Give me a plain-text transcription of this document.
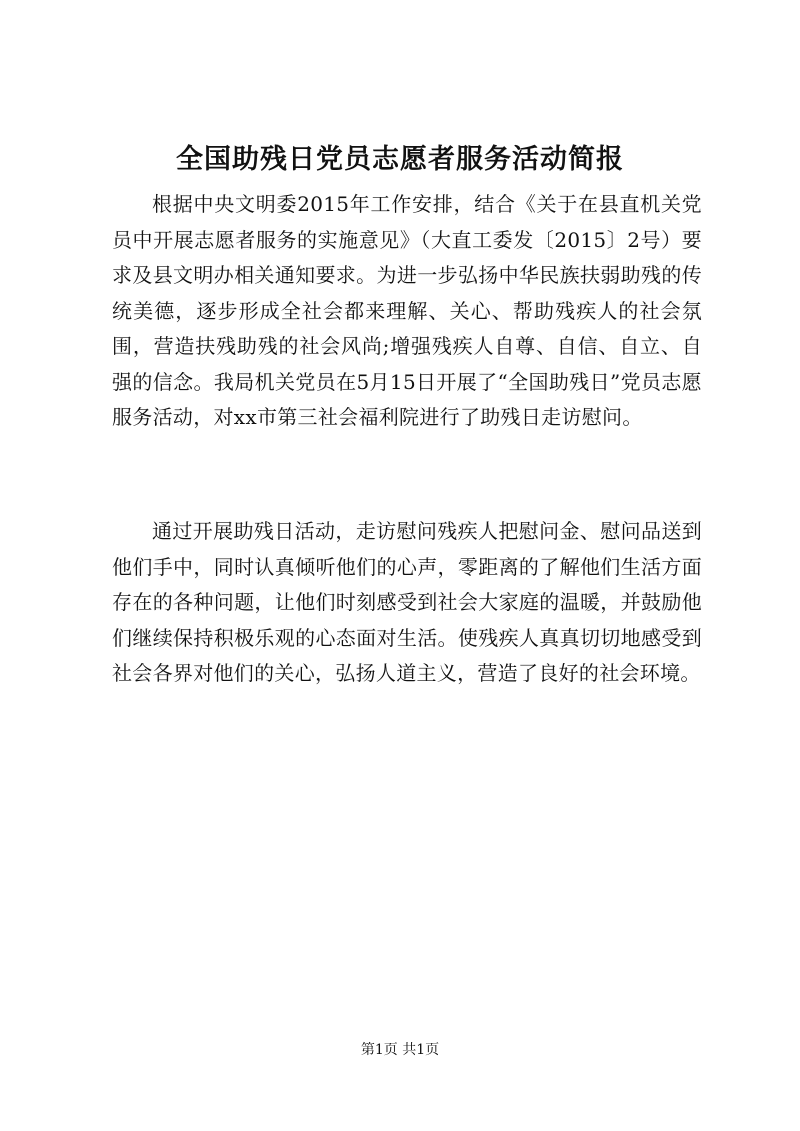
全国助残日党员志愿者服务活动简报

根据中央文明委2015年工作安排，结合《关于在县直机关党员中开展志愿者服务的实施意见》（大直工委发〔2015〕2号）要求及县文明办相关通知要求。为进一步弘扬中华民族扶弱助残的传统美德，逐步形成全社会都来理解、关心、帮助残疾人的社会氛围，营造扶残助残的社会风尚;增强残疾人自尊、自信、自立、自强的信念。我局机关党员在5月15日开展了“全国助残日”党员志愿服务活动，对xx市第三社会福利院进行了助残日走访慰问。

通过开展助残日活动，走访慰问残疾人把慰问金、慰问品送到他们手中，同时认真倾听他们的心声，零距离的了解他们生活方面存在的各种问题，让他们时刻感受到社会大家庭的温暖，并鼓励他们继续保持积极乐观的心态面对生活。使残疾人真真切切地感受到社会各界对他们的关心，弘扬人道主义，营造了良好的社会环境。

第1页 共1页
